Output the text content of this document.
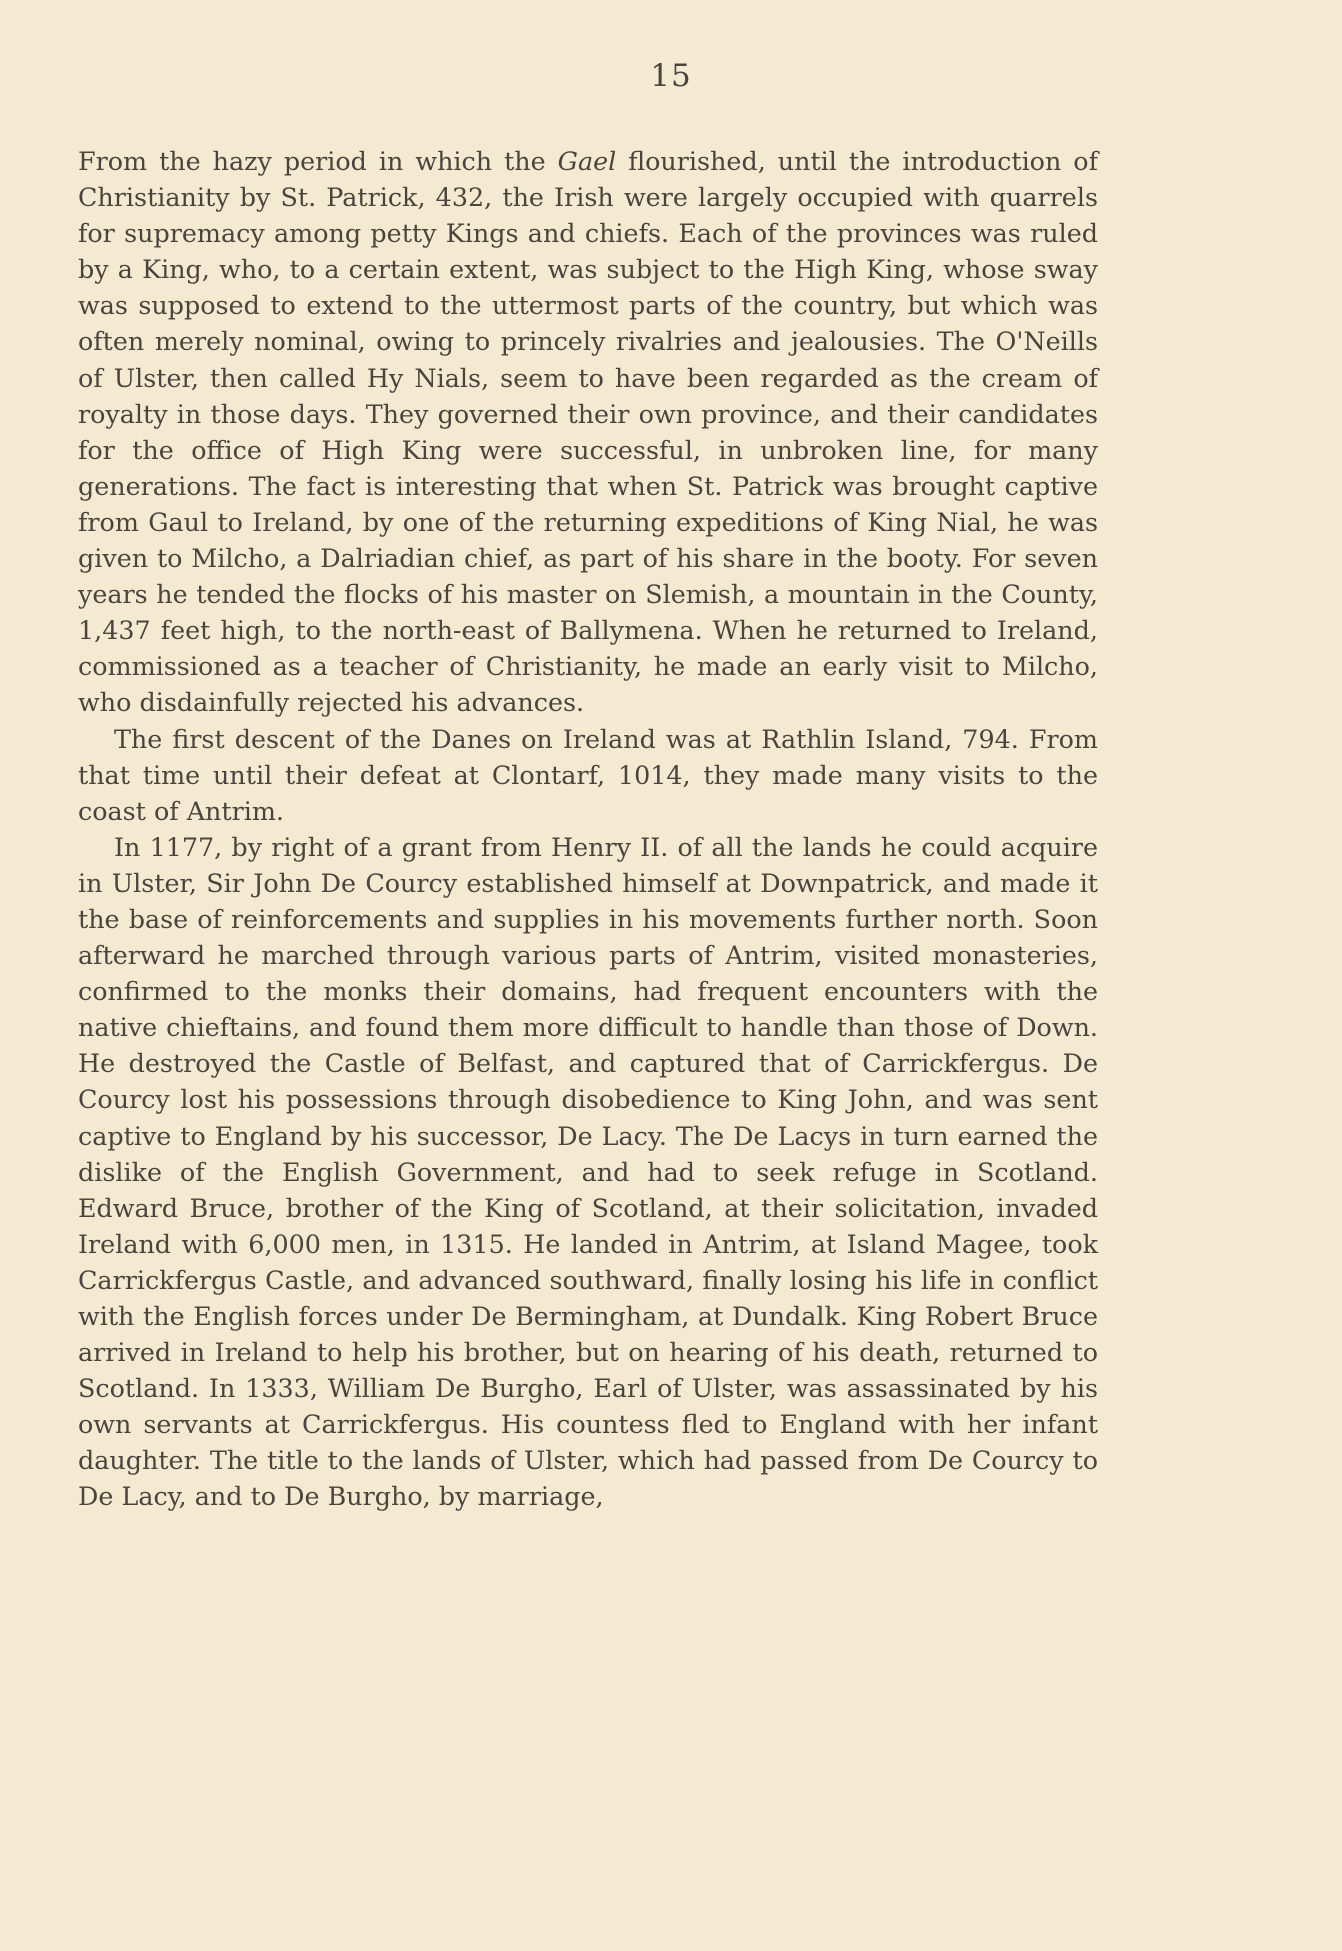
15

From the hazy period in which the Gael flourished, until the introduction of Christianity by St. Patrick, 432, the Irish were largely occupied with quarrels for supremacy among petty Kings and chiefs. Each of the provinces was ruled by a King, who, to a certain extent, was subject to the High King, whose sway was supposed to extend to the uttermost parts of the country, but which was often merely nominal, owing to princely rivalries and jealousies. The O'Neills of Ulster, then called Hy Nials, seem to have been regarded as the cream of royalty in those days. They governed their own province, and their candidates for the office of High King were successful, in unbroken line, for many generations. The fact is interesting that when St. Patrick was brought captive from Gaul to Ireland, by one of the returning expeditions of King Nial, he was given to Milcho, a Dalriadian chief, as part of his share in the booty. For seven years he tended the flocks of his master on Slemish, a mountain in the County, 1,437 feet high, to the north-east of Ballymena. When he returned to Ireland, commissioned as a teacher of Christianity, he made an early visit to Milcho, who disdainfully rejected his advances.

The first descent of the Danes on Ireland was at Rathlin Island, 794. From that time until their defeat at Clontarf, 1014, they made many visits to the coast of Antrim.

In 1177, by right of a grant from Henry II. of all the lands he could acquire in Ulster, Sir John De Courcy established himself at Downpatrick, and made it the base of reinforcements and supplies in his movements further north. Soon afterward he marched through various parts of Antrim, visited monasteries, confirmed to the monks their domains, had frequent encounters with the native chieftains, and found them more difficult to handle than those of Down. He destroyed the Castle of Belfast, and captured that of Carrickfergus. De Courcy lost his possessions through disobedience to King John, and was sent captive to England by his successor, De Lacy. The De Lacys in turn earned the dislike of the English Government, and had to seek refuge in Scotland. Edward Bruce, brother of the King of Scotland, at their solicitation, invaded Ireland with 6,000 men, in 1315. He landed in Antrim, at Island Magee, took Carrickfergus Castle, and advanced southward, finally losing his life in conflict with the English forces under De Bermingham, at Dundalk. King Robert Bruce arrived in Ireland to help his brother, but on hearing of his death, returned to Scotland. In 1333, William De Burgho, Earl of Ulster, was assassinated by his own servants at Carrickfergus. His countess fled to England with her infant daughter. The title to the lands of Ulster, which had passed from De Courcy to De Lacy, and to De Burgho, by marriage,
